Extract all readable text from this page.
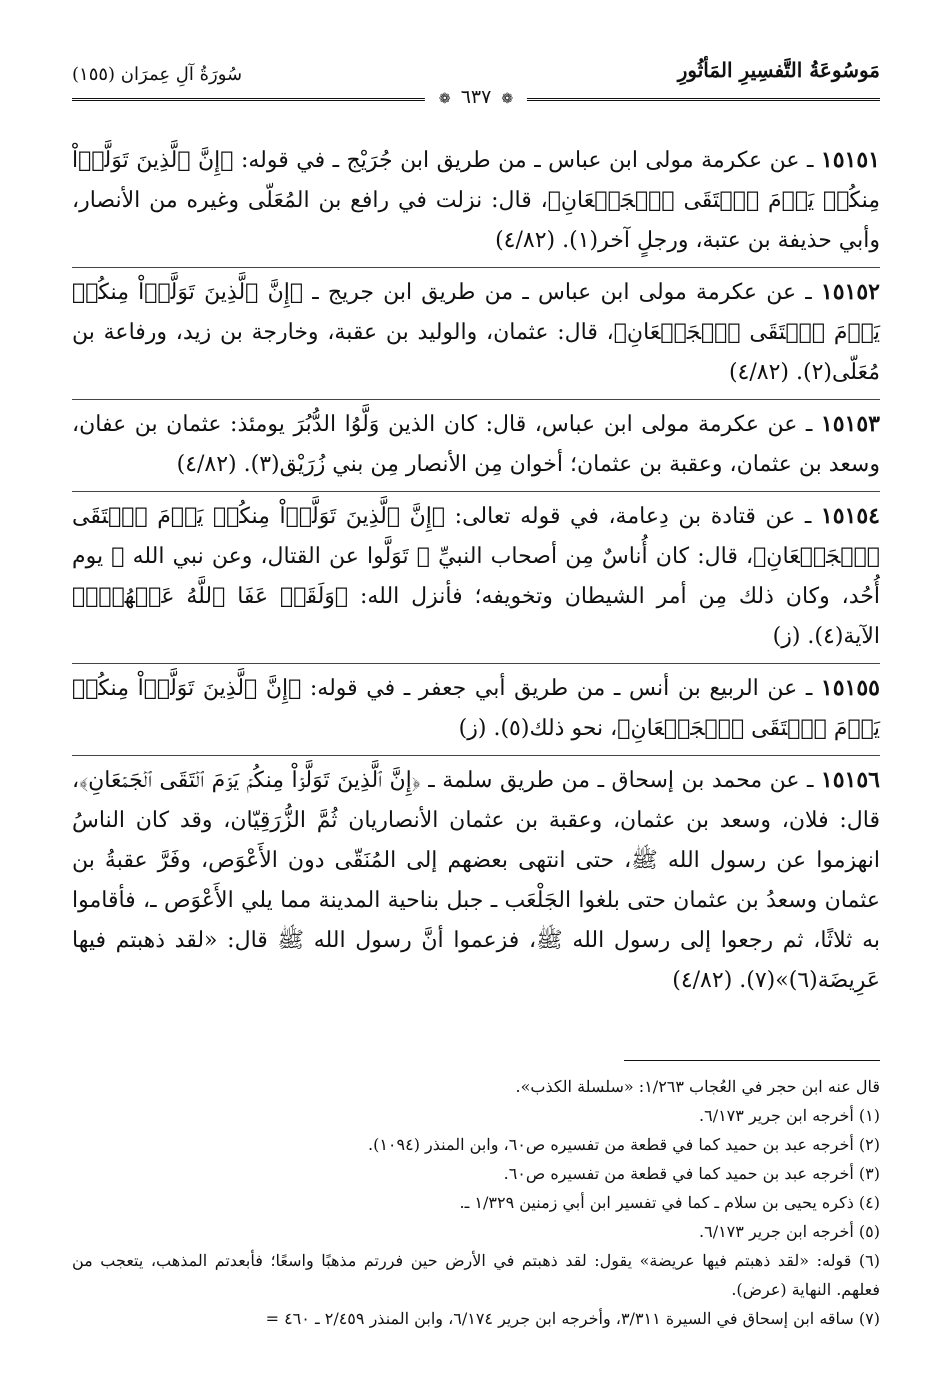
مَوسُوعَةُ التَّفسِيرِ المَأثُورِ
سُورَةُ آلِ عِمرَان (١٥٥)
❁ ٦٣٧ ❁

١٥١٥١ ـ عن عكرمة مولى ابن عباس ـ من طريق ابن جُرَيْج ـ في قوله: ﴿إِنَّ ٱلَّذِينَ تَوَلَّوۡاْ مِنكُمۡ يَوۡمَ ٱلۡتَقَى ٱلۡجَمۡعَانِ﴾، قال: نزلت في رافع بن المُعَلّى وغيره من الأنصار، وأبي حذيفة بن عتبة، ورجلٍ آخر(١). (٤/٨٢)

١٥١٥٢ ـ عن عكرمة مولى ابن عباس ـ من طريق ابن جريج ـ ﴿إِنَّ ٱلَّذِينَ تَوَلَّوۡاْ مِنكُمۡ يَوۡمَ ٱلۡتَقَى ٱلۡجَمۡعَانِ﴾، قال: عثمان، والوليد بن عقبة، وخارجة بن زيد، ورفاعة بن مُعَلّى(٢). (٤/٨٢)

١٥١٥٣ ـ عن عكرمة مولى ابن عباس، قال: كان الذين وَلَّوُا الدُّبُرَ يومئذ: عثمان بن عفان، وسعد بن عثمان، وعقبة بن عثمان؛ أخوان مِن الأنصار مِن بني زُرَيْق(٣). (٤/٨٢)

١٥١٥٤ ـ عن قتادة بن دِعامة، في قوله تعالى: ﴿إِنَّ ٱلَّذِينَ تَوَلَّوۡاْ مِنكُمۡ يَوۡمَ ٱلۡتَقَى ٱلۡجَمۡعَانِ﴾، قال: كان أُناسٌ مِن أصحاب النبيِّ ﷺ تَوَلَّوا عن القتال، وعن نبي الله ﷺ يوم أُحُد، وكان ذلك مِن أمر الشيطان وتخويفه؛ فأنزل الله: ﴿وَلَقَدۡ عَفَا ٱللَّهُ عَنۡهُمۡۗ﴾ الآية(٤). (ز)

١٥١٥٥ ـ عن الربيع بن أنس ـ من طريق أبي جعفر ـ في قوله: ﴿إِنَّ ٱلَّذِينَ تَوَلَّوۡاْ مِنكُمۡ يَوۡمَ ٱلۡتَقَى ٱلۡجَمۡعَانِ﴾، نحو ذلك(٥). (ز)

١٥١٥٦ ـ عن محمد بن إسحاق ـ من طريق سلمة ـ ﴿إِنَّ ٱلَّذِينَ تَوَلَّوۡاْ مِنكُمۡ يَوۡمَ ٱلۡتَقَى ٱلۡجَمۡعَانِ﴾، قال: فلان، وسعد بن عثمان، وعقبة بن عثمان الأنصاريان ثُمَّ الزُّرَقِيّان، وقد كان الناسُ انهزموا عن رسول الله ﷺ، حتى انتهى بعضهم إلى المُنَقّى دون الأَعْوَص، وفَرَّ عقبةُ بن عثمان وسعدُ بن عثمان حتى بلغوا الجَلْعَب ـ جبل بناحية المدينة مما يلي الأَعْوَص ـ، فأقاموا به ثلاثًا، ثم رجعوا إلى رسول الله ﷺ، فزعموا أنَّ رسول الله ﷺ قال: «لقد ذهبتم فيها عَرِيضَة(٦)»(٧). (٤/٨٢)

قال عنه ابن حجر في العُجاب ١/٢٦٣: «سلسلة الكذب».

(١) أخرجه ابن جرير ٦/١٧٣.

(٢) أخرجه عبد بن حميد كما في قطعة من تفسيره ص٦٠، وابن المنذر (١٠٩٤).

(٣) أخرجه عبد بن حميد كما في قطعة من تفسيره ص٦٠.

(٤) ذكره يحيى بن سلام ـ كما في تفسير ابن أبي زمنين ١/٣٢٩ ـ.

(٥) أخرجه ابن جرير ٦/١٧٣.

(٦) قوله: «لقد ذهبتم فيها عريضة» يقول: لقد ذهبتم في الأرض حين فررتم مذهبًا واسعًا؛ فأبعدتم المذهب، يتعجب من فعلهم. النهاية (عرض).

(٧) ساقه ابن إسحاق في السيرة ٣/٣١١، وأخرجه ابن جرير ٦/١٧٤، وابن المنذر ٢/٤٥٩ ـ ٤٦٠ =
